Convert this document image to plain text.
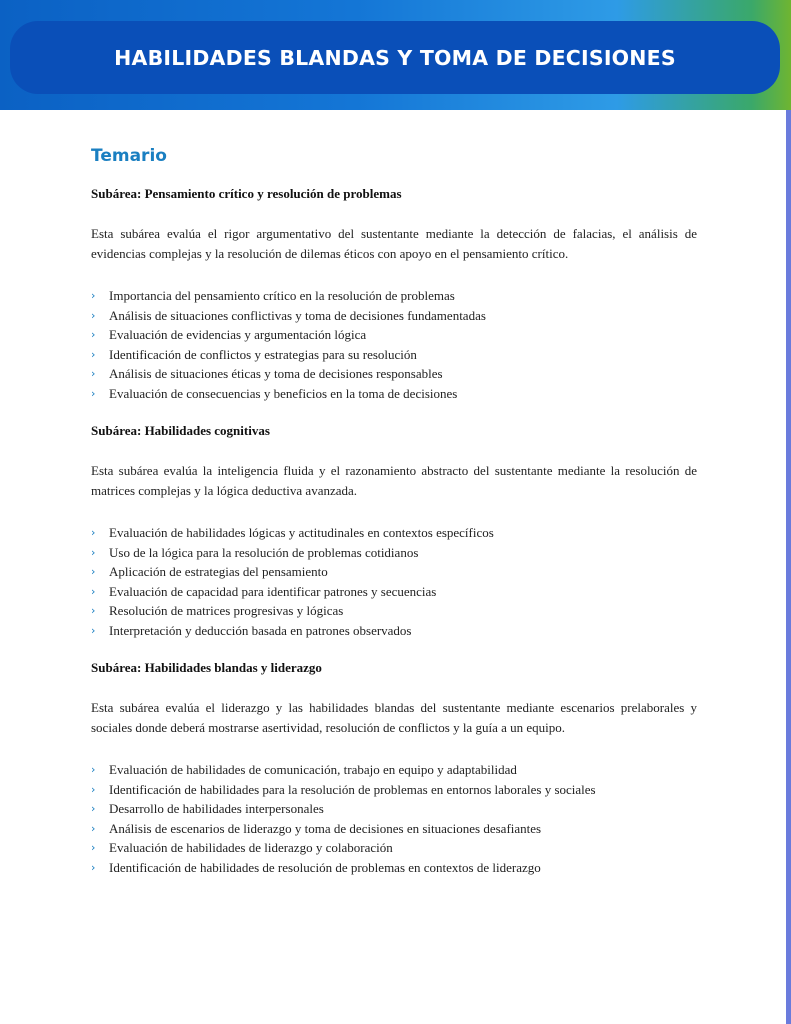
HABILIDADES BLANDAS Y TOMA DE DECISIONES
Temario

Subárea: Pensamiento crítico y resolución de problemas

Esta subárea evalúa el rigor argumentativo del sustentante mediante la detección de falacias, el análisis de evidencias complejas y la resolución de dilemas éticos con apoyo en el pensamiento crítico.

› Importancia del pensamiento crítico en la resolución de problemas
› Análisis de situaciones conflictivas y toma de decisiones fundamentadas
› Evaluación de evidencias y argumentación lógica
› Identificación de conflictos y estrategias para su resolución
› Análisis de situaciones éticas y toma de decisiones responsables
› Evaluación de consecuencias y beneficios en la toma de decisiones

Subárea: Habilidades cognitivas

Esta subárea evalúa la inteligencia fluida y el razonamiento abstracto del sustentante mediante la resolución de matrices complejas y la lógica deductiva avanzada.

› Evaluación de habilidades lógicas y actitudinales en contextos específicos
› Uso de la lógica para la resolución de problemas cotidianos
› Aplicación de estrategias del pensamiento
› Evaluación de capacidad para identificar patrones y secuencias
› Resolución de matrices progresivas y lógicas
› Interpretación y deducción basada en patrones observados

Subárea: Habilidades blandas y liderazgo

Esta subárea evalúa el liderazgo y las habilidades blandas del sustentante mediante escenarios prelaborales y sociales donde deberá mostrarse asertividad, resolución de conflictos y la guía a un equipo.

› Evaluación de habilidades de comunicación, trabajo en equipo y adaptabilidad
› Identificación de habilidades para la resolución de problemas en entornos laborales y sociales
› Desarrollo de habilidades interpersonales
› Análisis de escenarios de liderazgo y toma de decisiones en situaciones desafiantes
› Evaluación de habilidades de liderazgo y colaboración
› Identificación de habilidades de resolución de problemas en contextos de liderazgo
